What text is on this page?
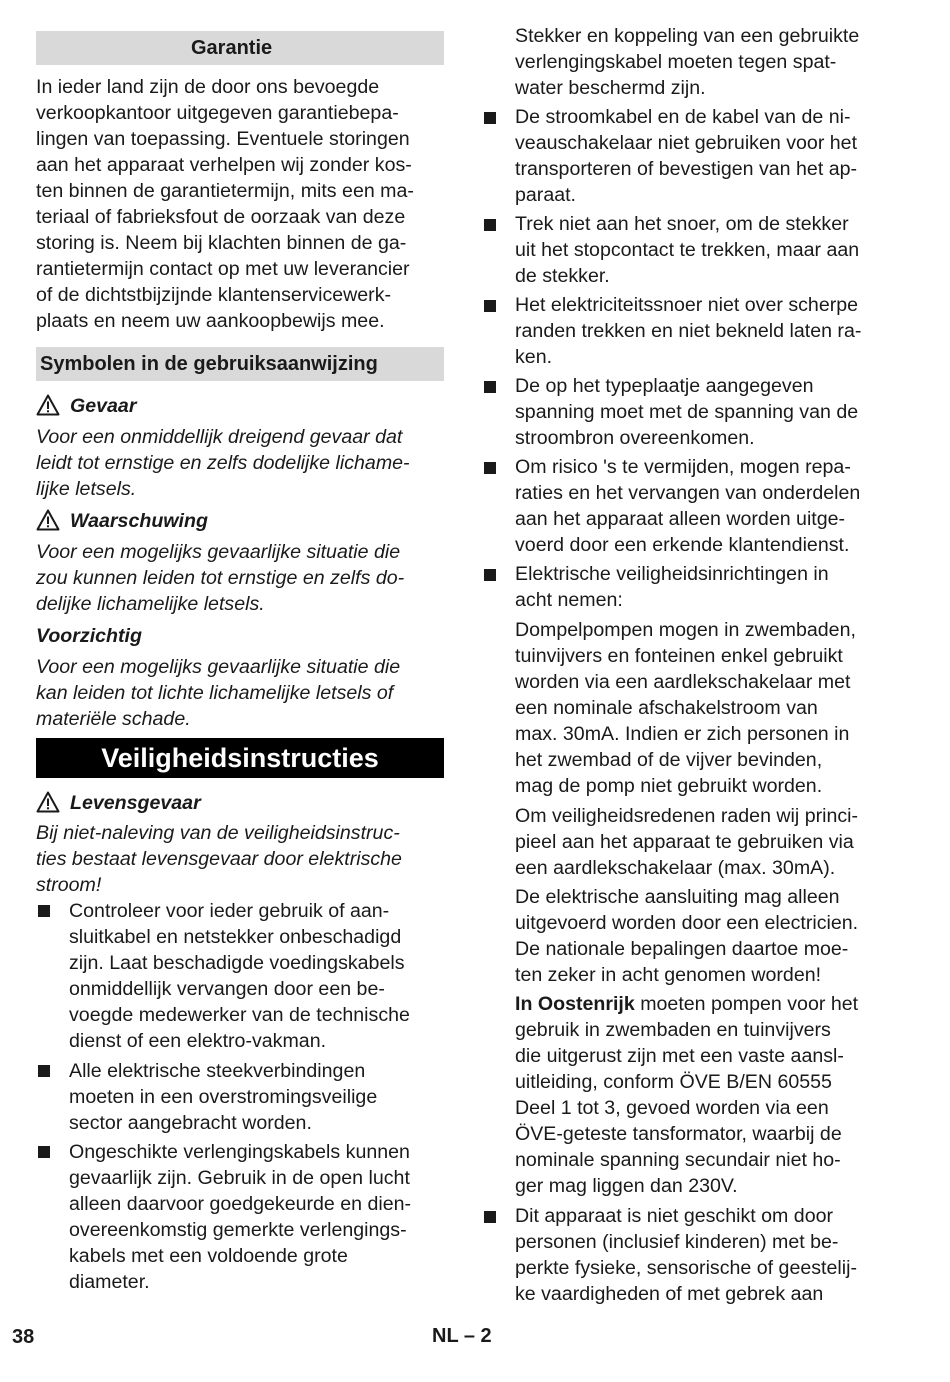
Garantie
In ieder land zijn de door ons bevoegde
verkoopkantoor uitgegeven garantiebepa-
lingen van toepassing. Eventuele storingen
aan het apparaat verhelpen wij zonder kos-
ten binnen de garantietermijn, mits een ma-
teriaal of fabrieksfout de oorzaak van deze
storing is. Neem bij klachten binnen de ga-
rantietermijn contact op met uw leverancier
of de dichtstbijzijnde klantenservicewerk-
plaats en neem uw aankoopbewijs mee.
Symbolen in de gebruiksaanwijzing
Gevaar
Voor een onmiddellijk dreigend gevaar dat
leidt tot ernstige en zelfs dodelijke lichame-
lijke letsels.
Waarschuwing
Voor een mogelijks gevaarlijke situatie die
zou kunnen leiden tot ernstige en zelfs do-
delijke lichamelijke letsels.
Voorzichtig
Voor een mogelijks gevaarlijke situatie die
kan leiden tot lichte lichamelijke letsels of
materiële schade.
Veiligheidsinstructies
Levensgevaar
Bij niet-naleving van de veiligheidsinstruc-
ties bestaat levensgevaar door elektrische
stroom!
Controleer voor ieder gebruik of aan-
sluitkabel en netstekker onbeschadigd
zijn. Laat beschadigde voedingskabels
onmiddellijk vervangen door een be-
voegde medewerker van de technische
dienst of een elektro-vakman.
Alle elektrische steekverbindingen
moeten in een overstromingsveilige
sector aangebracht worden.
Ongeschikte verlengingskabels kunnen
gevaarlijk zijn. Gebruik in de open lucht
alleen daarvoor goedgekeurde en dien-
overeenkomstig gemerkte verlengings-
kabels met een voldoende grote
diameter.
Stekker en koppeling van een gebruikte
verlengingskabel moeten tegen spat-
water beschermd zijn.
De stroomkabel en de kabel van de ni-
veauschakelaar niet gebruiken voor het
transporteren of bevestigen van het ap-
paraat.
Trek niet aan het snoer, om de stekker
uit het stopcontact te trekken, maar aan
de stekker.
Het elektriciteitssnoer niet over scherpe
randen trekken en niet bekneld laten ra-
ken.
De op het typeplaatje aangegeven
spanning moet met de spanning van de
stroombron overeenkomen.
Om risico 's te vermijden, mogen repa-
raties en het vervangen van onderdelen
aan het apparaat alleen worden uitge-
voerd door een erkende klantendienst.
Elektrische veiligheidsinrichtingen in
acht nemen:
Dompelpompen mogen in zwembaden,
tuinvijvers en fonteinen enkel gebruikt
worden via een aardlekschakelaar met
een nominale afschakelstroom van
max. 30mA. Indien er zich personen in
het zwembad of de vijver bevinden,
mag de pomp niet gebruikt worden.
Om veiligheidsredenen raden wij princi-
pieel aan het apparaat te gebruiken via
een aardlekschakelaar (max. 30mA).
De elektrische aansluiting mag alleen
uitgevoerd worden door een electricien.
De nationale bepalingen daartoe moe-
ten zeker in acht genomen worden!
In Oostenrijk moeten pompen voor het
gebruik in zwembaden en tuinvijvers
die uitgerust zijn met een vaste aansl-
uitleiding, conform ÖVE B/EN 60555
Deel 1 tot 3, gevoed worden via een
ÖVE-geteste tansformator, waarbij de
nominale spanning secundair niet ho-
ger mag liggen dan 230V.
Dit apparaat is niet geschikt om door
personen (inclusief kinderen) met be-
perkte fysieke, sensorische of geestelij-
ke vaardigheden of met gebrek aan
38	NL – 2
